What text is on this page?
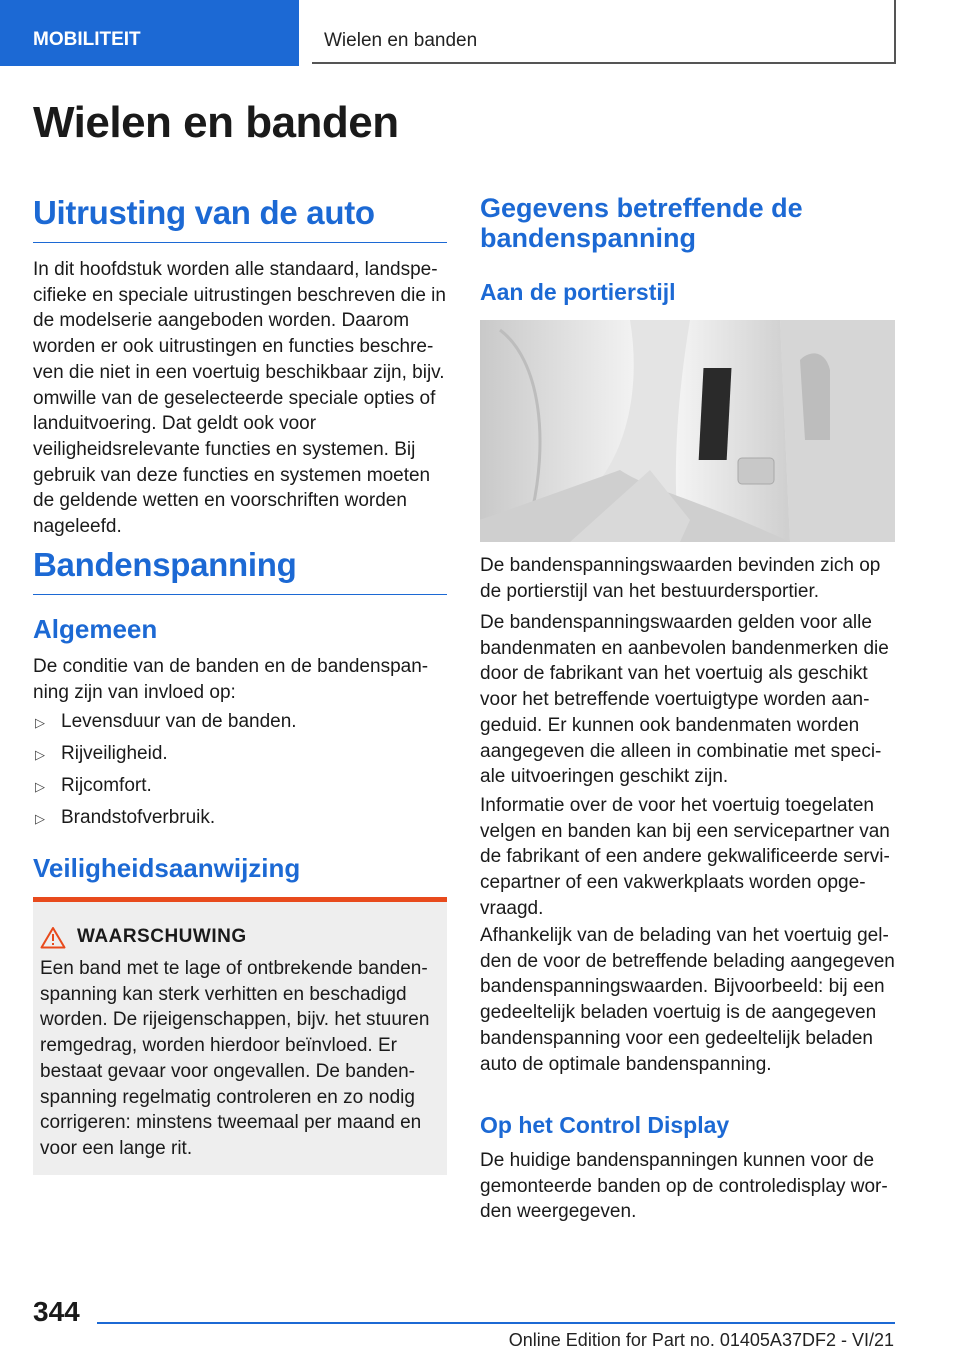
MOBILITEIT	Wielen en banden
Wielen en banden
Uitrusting van de auto

In dit hoofdstuk worden alle standaard, landspecifieke en speciale uitrustingen beschreven die in de modelserie aangeboden worden. Daarom worden er ook uitrustingen en functies beschreven die niet in een voertuig beschikbaar zijn, bijv. omwille van de geselecteerde speciale opties of landuitvoering. Dat geldt ook voor veiligheidsrelevante functies en systemen. Bij gebruik van deze functies en systemen moeten de geldende wetten en voorschriften worden nageleefd.

Bandenspanning
Algemeen

De conditie van de banden en de bandenspanning zijn van invloed op:

▷ Levensduur van de banden.
▷ Rijveiligheid.
▷ Rijcomfort.
▷ Brandstofverbruik.
Veiligheidsaanwijzing
WAARSCHUWING

Een band met te lage of ontbrekende bandenspanning kan sterk verhitten en beschadigd worden. De rijeigenschappen, bijv. het stuuren remgedrag, worden hierdoor beïnvloed. Er bestaat gevaar voor ongevallen. De bandenspanning regelmatig controleren en zo nodig corrigeren: minstens tweemaal per maand en voor een lange rit.

Gegevens betreffende de bandenspanning
Aan de portierstijl

De bandenspanningswaarden bevinden zich op de portierstijl van het bestuurdersportier.

De bandenspanningswaarden gelden voor alle bandenmaten en aanbevolen bandenmerken die door de fabrikant van het voertuig als geschikt voor het betreffende voertuigtype worden aangeduid. Er kunnen ook bandenmaten worden aangegeven die alleen in combinatie met speciale uitvoeringen geschikt zijn.

Informatie over de voor het voertuig toegelaten velgen en banden kan bij een servicepartner van de fabrikant of een andere gekwalificeerde servicepartner of een vakwerkplaats worden opgevraagd.

Afhankelijk van de belading van het voertuig gelden de voor de betreffende belading aangegeven bandenspanningswaarden. Bijvoorbeeld: bij een gedeeltelijk beladen voertuig is de aangegeven bandenspanning voor een gedeeltelijk beladen auto de optimale bandenspanning.

Op het Control Display

De huidige bandenspanningen kunnen voor de gemonteerde banden op de controledisplay worden weergegeven.

344
Online Edition for Part no. 01405A37DF2 - VI/21
